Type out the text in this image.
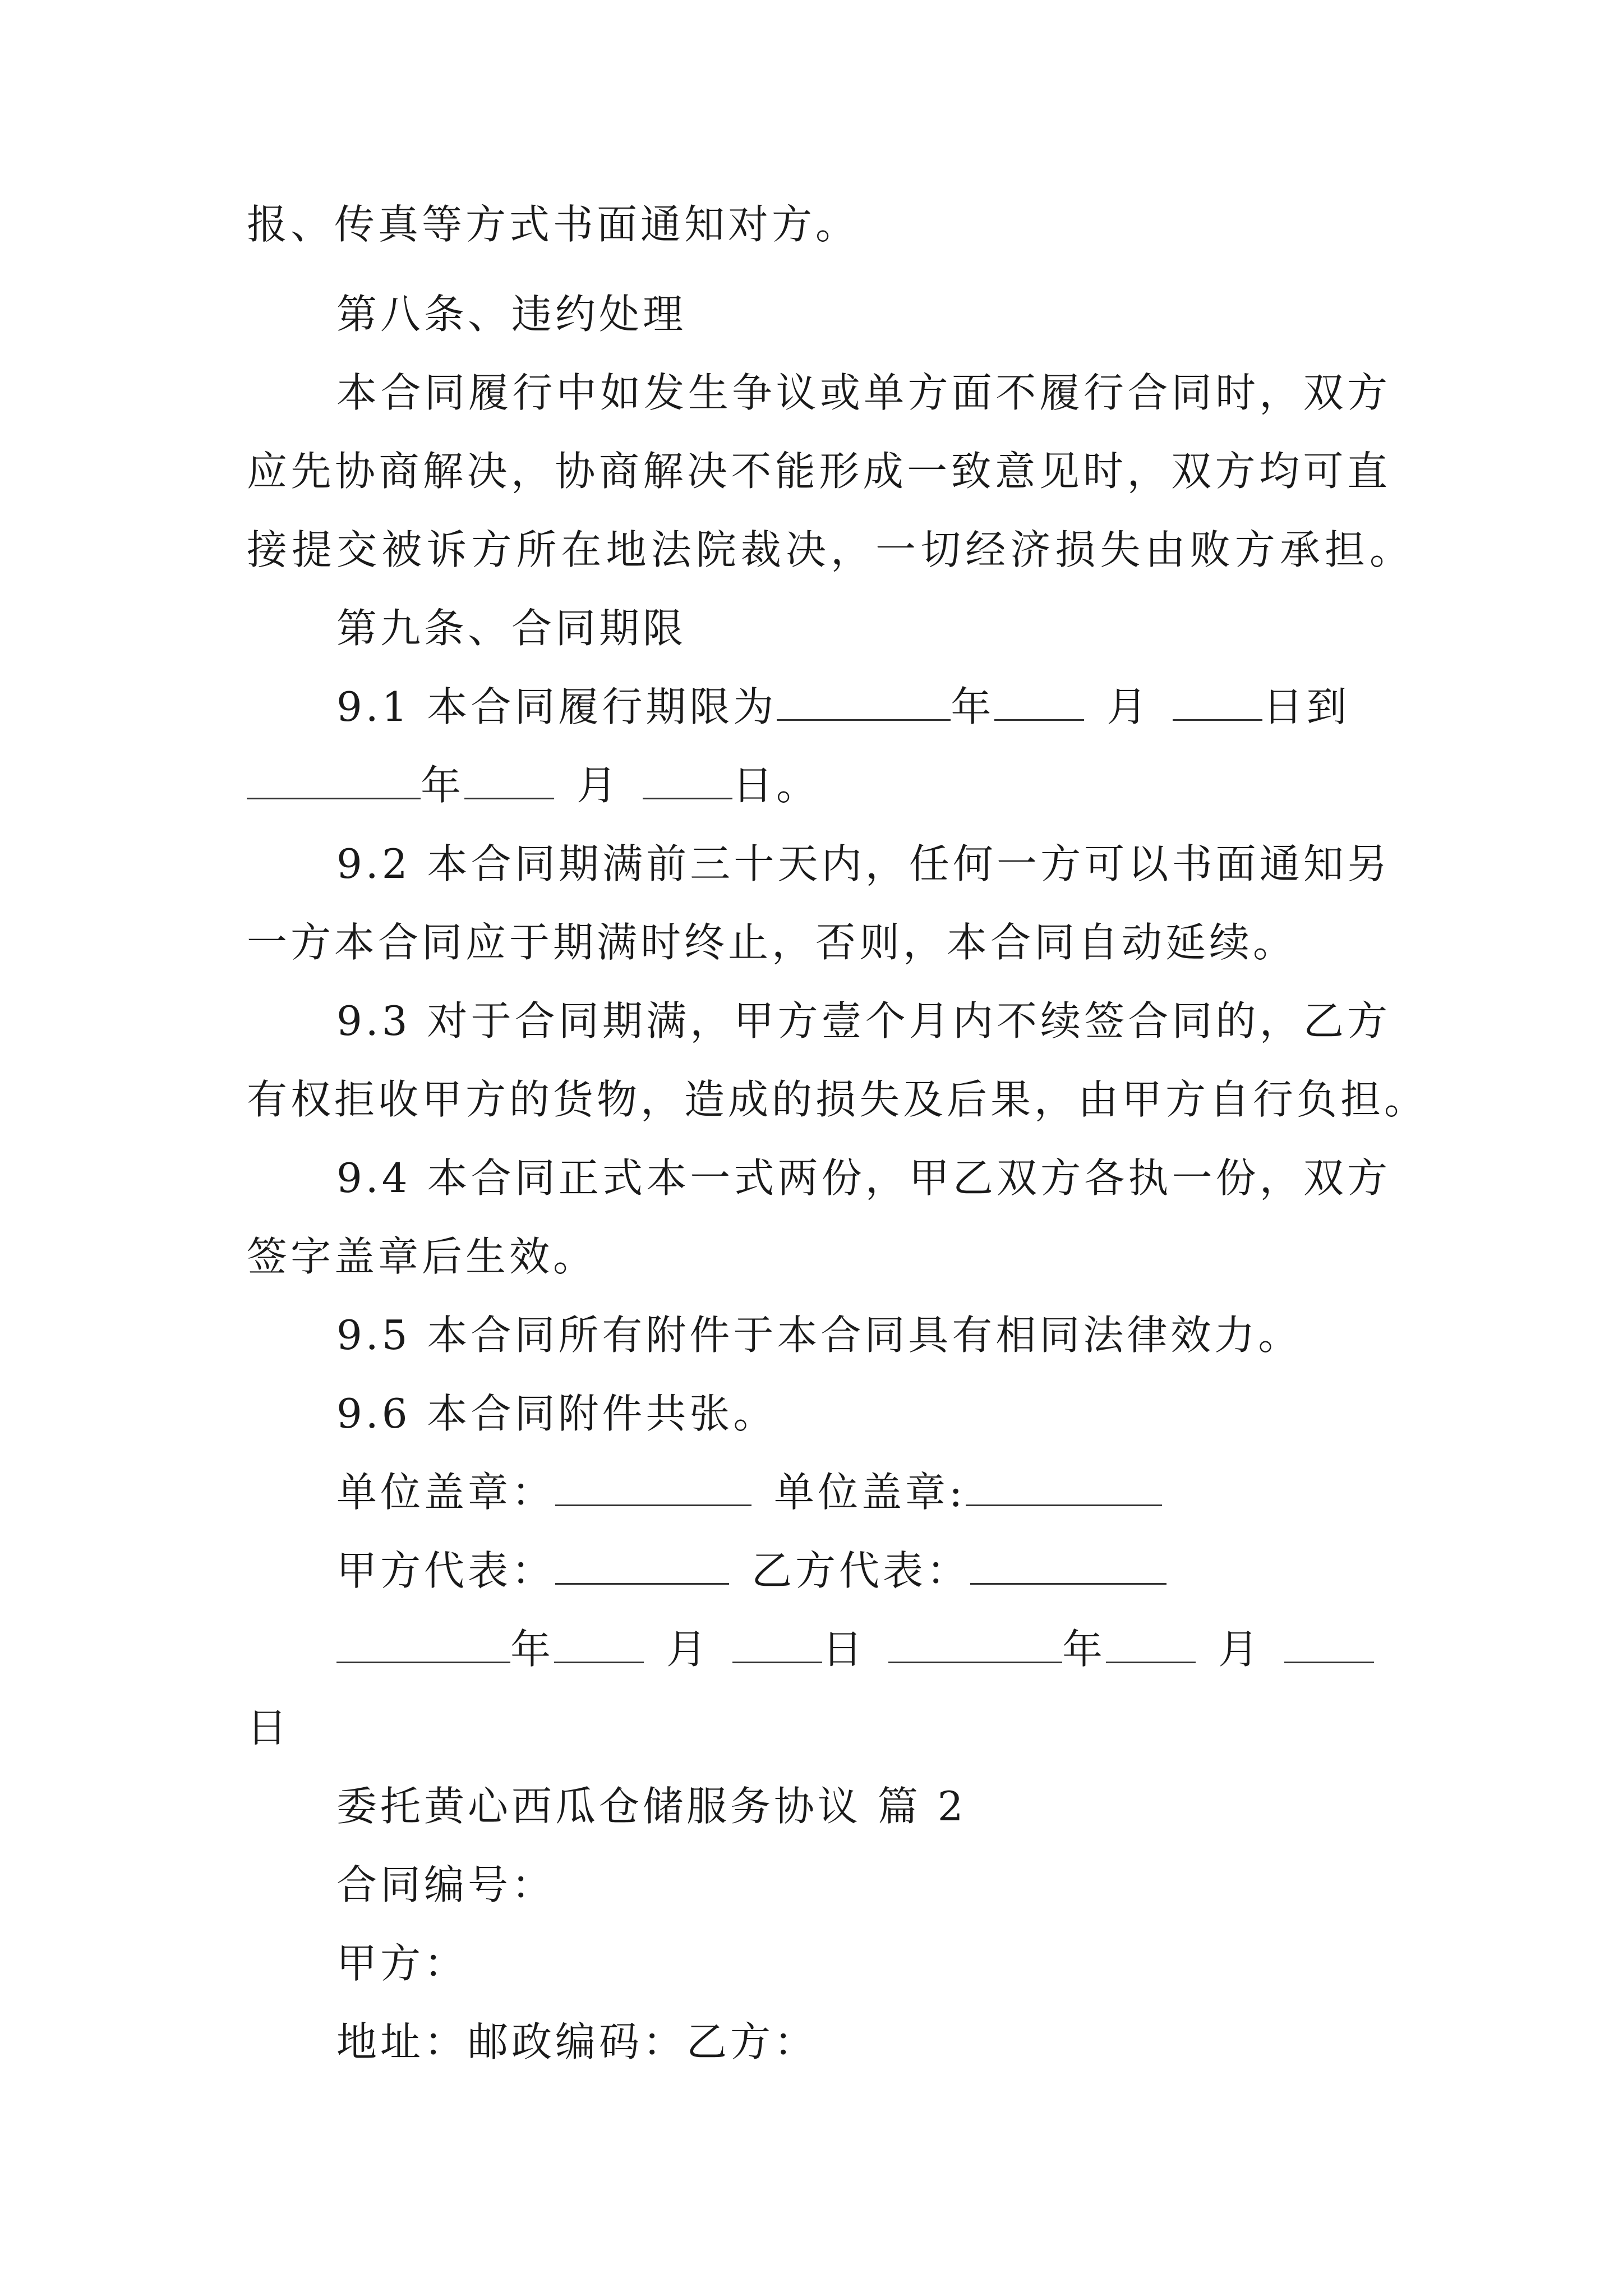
报、传真等方式书面通知对方。
第八条、违约处理
本合同履行中如发生争议或单方面不履行合同时，双方
应先协商解决，协商解决不能形成一致意见时，双方均可直
接提交被诉方所在地法院裁决，一切经济损失由败方承担。
第九条、合同期限
9.1 本合同履行期限为	年	月	日到
年	月	日。
9.2 本合同期满前三十天内，任何一方可以书面通知另
一方本合同应于期满时终止，否则，本合同自动延续。
9.3 对于合同期满，甲方壹个月内不续签合同的，乙方
有权拒收甲方的货物，造成的损失及后果，由甲方自行负担。
9.4 本合同正式本一式两份，甲乙双方各执一份，双方
签字盖章后生效。
9.5 本合同所有附件于本合同具有相同法律效力。
9.6 本合同附件共张。
单位盖章：	单位盖章:
甲方代表：	乙方代表：
年	月	日	年	月
日
委托黄心西瓜仓储服务协议 篇 2
合同编号：
甲方：
地址：邮政编码：乙方：
